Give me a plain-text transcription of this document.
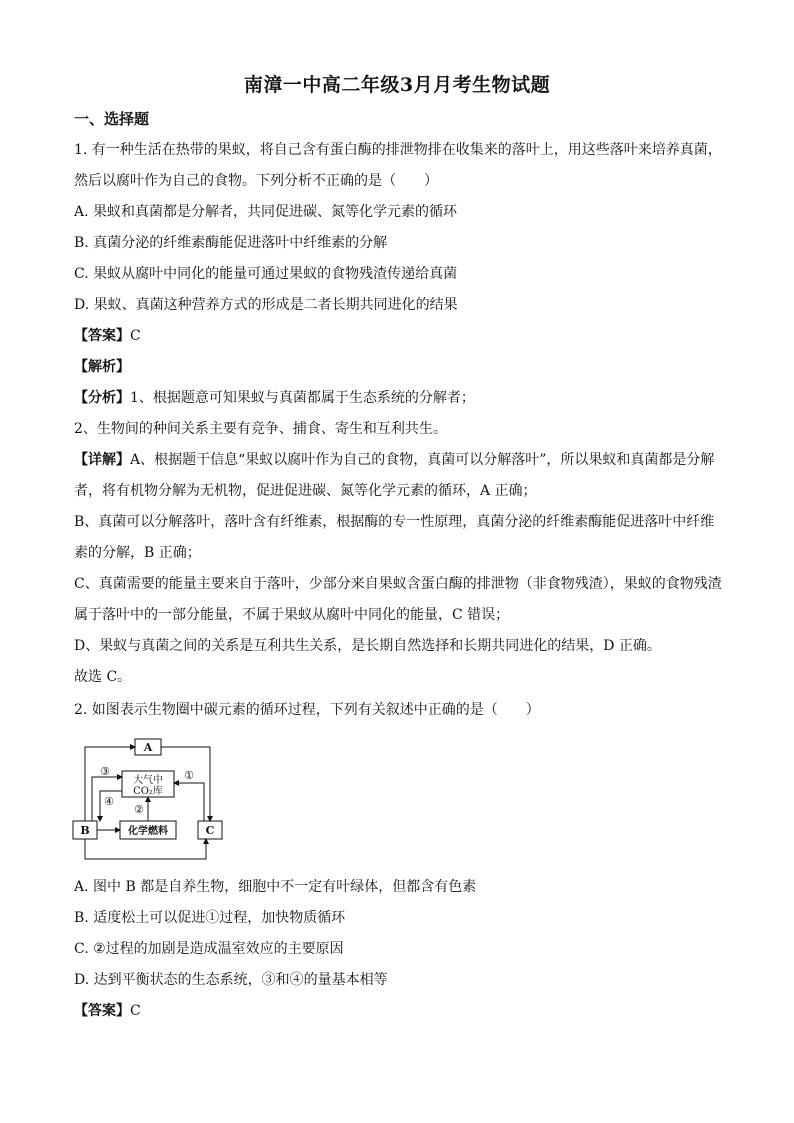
南漳一中高二年级3月月考生物试题
一、选择题
1. 有一种生活在热带的果蚁，将自己含有蛋白酶的排泄物排在收集来的落叶上，用这些落叶来培养真菌，
然后以腐叶作为自己的食物。下列分析不正确的是（　　）
A. 果蚁和真菌都是分解者，共同促进碳、氮等化学元素的循环
B. 真菌分泌的纤维素酶能促进落叶中纤维素的分解
C. 果蚁从腐叶中同化的能量可通过果蚁的食物残渣传递给真菌
D. 果蚁、真菌这种营养方式的形成是二者长期共同进化的结果
【答案】C
【解析】
【分析】1、根据题意可知果蚁与真菌都属于生态系统的分解者；
2、生物间的种间关系主要有竞争、捕食、寄生和互利共生。
【详解】A、根据题干信息“果蚁以腐叶作为自己的食物，真菌可以分解落叶”，所以果蚁和真菌都是分解
者，将有机物分解为无机物，促进促进碳、氮等化学元素的循环，A 正确；
B、真菌可以分解落叶，落叶含有纤维素，根据酶的专一性原理，真菌分泌的纤维素酶能促进落叶中纤维
素的分解，B 正确；
C、真菌需要的能量主要来自于落叶，少部分来自果蚁含蛋白酶的排泄物（非食物残渣），果蚁的食物残渣
属于落叶中的一部分能量，不属于果蚁从腐叶中同化的能量，C 错误；
D、果蚁与真菌之间的关系是互利共生关系，是长期自然选择和长期共同进化的结果，D 正确。
故选 C。
2. 如图表示生物圈中碳元素的循环过程，下列有关叙述中正确的是（　　）
A
大气中
CO₂库
化学燃料
B	C
①
②
③
④
A. 图中 B 都是自养生物，细胞中不一定有叶绿体，但都含有色素
B. 适度松土可以促进①过程，加快物质循环
C. ②过程的加剧是造成温室效应的主要原因
D. 达到平衡状态的生态系统，③和④的量基本相等
【答案】C
